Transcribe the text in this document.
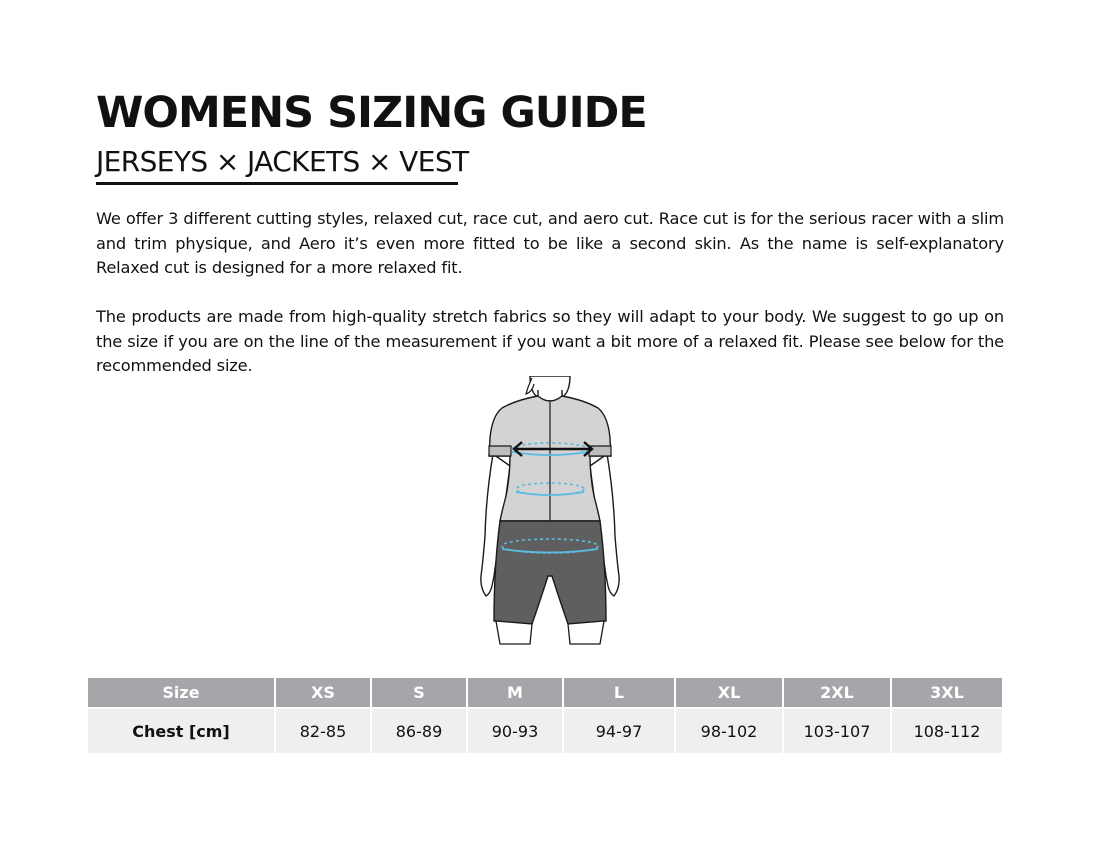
WOMENS SIZING GUIDE
JERSEYS × JACKETS × VEST

We offer 3 different cutting styles, relaxed cut, race cut, and aero cut. Race cut is for the serious racer with a slim and trim physique, and Aero it’s even more fitted to be like a second skin. As the name is self-explanatory Relaxed cut is designed for a more relaxed fit.

The products are made from high-quality stretch fabrics so they will adapt to your body. We suggest to go up on the size if you are on the line of the measurement if you want a bit more of a relaxed fit. Please see below for the recommended size.

Size	XS	S	M	L	XL	2XL	3XL
Chest [cm]	82-85	86-89	90-93	94-97	98-102	103-107	108-112
